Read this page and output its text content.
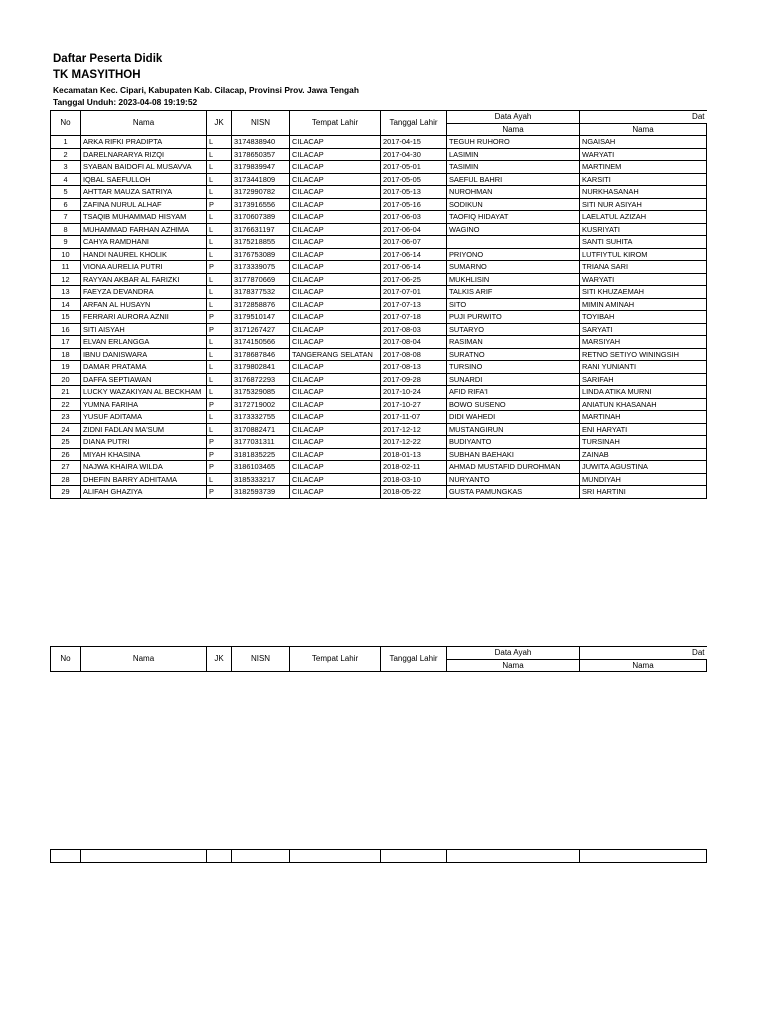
Daftar Peserta Didik
TK MASYITHOH
Kecamatan Kec. Cipari, Kabupaten Kab. Cilacap, Provinsi Prov. Jawa Tengah
Tanggal Unduh: 2023-04-08 19:19:52
No	Nama	JK	NISN	Tempat Lahir	Tanggal Lahir	Data Ayah	Dat
						Nama	Nama
1	ARKA RIFKI PRADIPTA	L	3174838940	CILACAP	2017-04-15	TEGUH RUHORO	NGAISAH
2	DARELNARARYA RIZQI	L	3178650357	CILACAP	2017-04-30	LASIMIN	WARYATI
3	SYABAN BAIDOFI AL MUSAVVA	L	3179839947	CILACAP	2017-05-01	TASIMIN	MARTINEM
4	IQBAL SAEFULLOH	L	3173441809	CILACAP	2017-05-05	SAEFUL BAHRI	KARSITI
5	AHTTAR MAUZA SATRIYA	L	3172990782	CILACAP	2017-05-13	NUROHMAN	NURKHASANAH
6	ZAFINA NURUL ALHAF	P	3173916556	CILACAP	2017-05-16	SODIKUN	SITI NUR ASIYAH
7	TSAQIB MUHAMMAD HISYAM	L	3170607389	CILACAP	2017-06-03	TAOFIQ HIDAYAT	LAELATUL AZIZAH
8	MUHAMMAD FARHAN AZHIMA	L	3176631197	CILACAP	2017-06-04	WAGINO	KUSRIYATI
9	CAHYA RAMDHANI	L	3175218855	CILACAP	2017-06-07		SANTI SUHITA
10	HANDI NAUREL KHOLIK	L	3176753089	CILACAP	2017-06-14	PRIYONO	LUTFIYTUL KIROM
11	VIONA AURELIA PUTRI	P	3173339075	CILACAP	2017-06-14	SUMARNO	TRIANA SARI
12	RAYYAN AKBAR AL FARIZKI	L	3177870669	CILACAP	2017-06-25	MUKHLISIN	WARYATI
13	FAEYZA DEVANDRA	L	3178377532	CILACAP	2017-07-01	TALKIS ARIF	SITI KHUZAEMAH
14	ARFAN AL HUSAYN	L	3172858876	CILACAP	2017-07-13	SITO	MIMIN AMINAH
15	FERRARI AURORA AZNII	P	3179510147	CILACAP	2017-07-18	PUJI PURWITO	TOYIBAH
16	SITI AISYAH	P	3171267427	CILACAP	2017-08-03	SUTARYO	SARYATI
17	ELVAN ERLANGGA	L	3174150566	CILACAP	2017-08-04	RASIMAN	MARSIYAH
18	IBNU DANISWARA	L	3178687846	TANGERANG SELATAN	2017-08-08	SURATNO	RETNO SETIYO WININGSIH
19	DAMAR PRATAMA	L	3179802841	CILACAP	2017-08-13	TURSINO	RANI YUNIANTI
20	DAFFA SEPTIAWAN	L	3176872293	CILACAP	2017-09-28	SUNARDI	SARIFAH
21	LUCKY WAZAKIYAN AL BECKHAM	L	3175329085	CILACAP	2017-10-24	AFID RIFA'I	LINDA ATIKA MURNI
22	YUMNA FARIHA	P	3172719002	CILACAP	2017-10-27	BOWO SUSENO	ANIATUN KHASANAH
23	YUSUF ADITAMA	L	3173332755	CILACAP	2017-11-07	DIDI WAHEDI	MARTINAH
24	ZIDNI FADLAN MA'SUM	L	3170882471	CILACAP	2017-12-12	MUSTANGIRUN	ENI HARYATI
25	DIANA PUTRI	P	3177031311	CILACAP	2017-12-22	BUDIYANTO	TURSINAH
26	MIYAH KHASINA	P	3181835225	CILACAP	2018-01-13	SUBHAN BAEHAKI	ZAINAB
27	NAJWA KHAIRA WILDA	P	3186103465	CILACAP	2018-02-11	AHMAD MUSTAFID DUROHMAN	JUWITA AGUSTINA
28	DHEFIN BARRY ADHITAMA	L	3185333217	CILACAP	2018-03-10	NURYANTO	MUNDIYAH
29	ALIFAH GHAZIYA	P	3182593739	CILACAP	2018-05-22	GUSTA PAMUNGKAS	SRI HARTINI
No	Nama	JK	NISN	Tempat Lahir	Tanggal Lahir	Data Ayah	Dat
						Nama	Nama
